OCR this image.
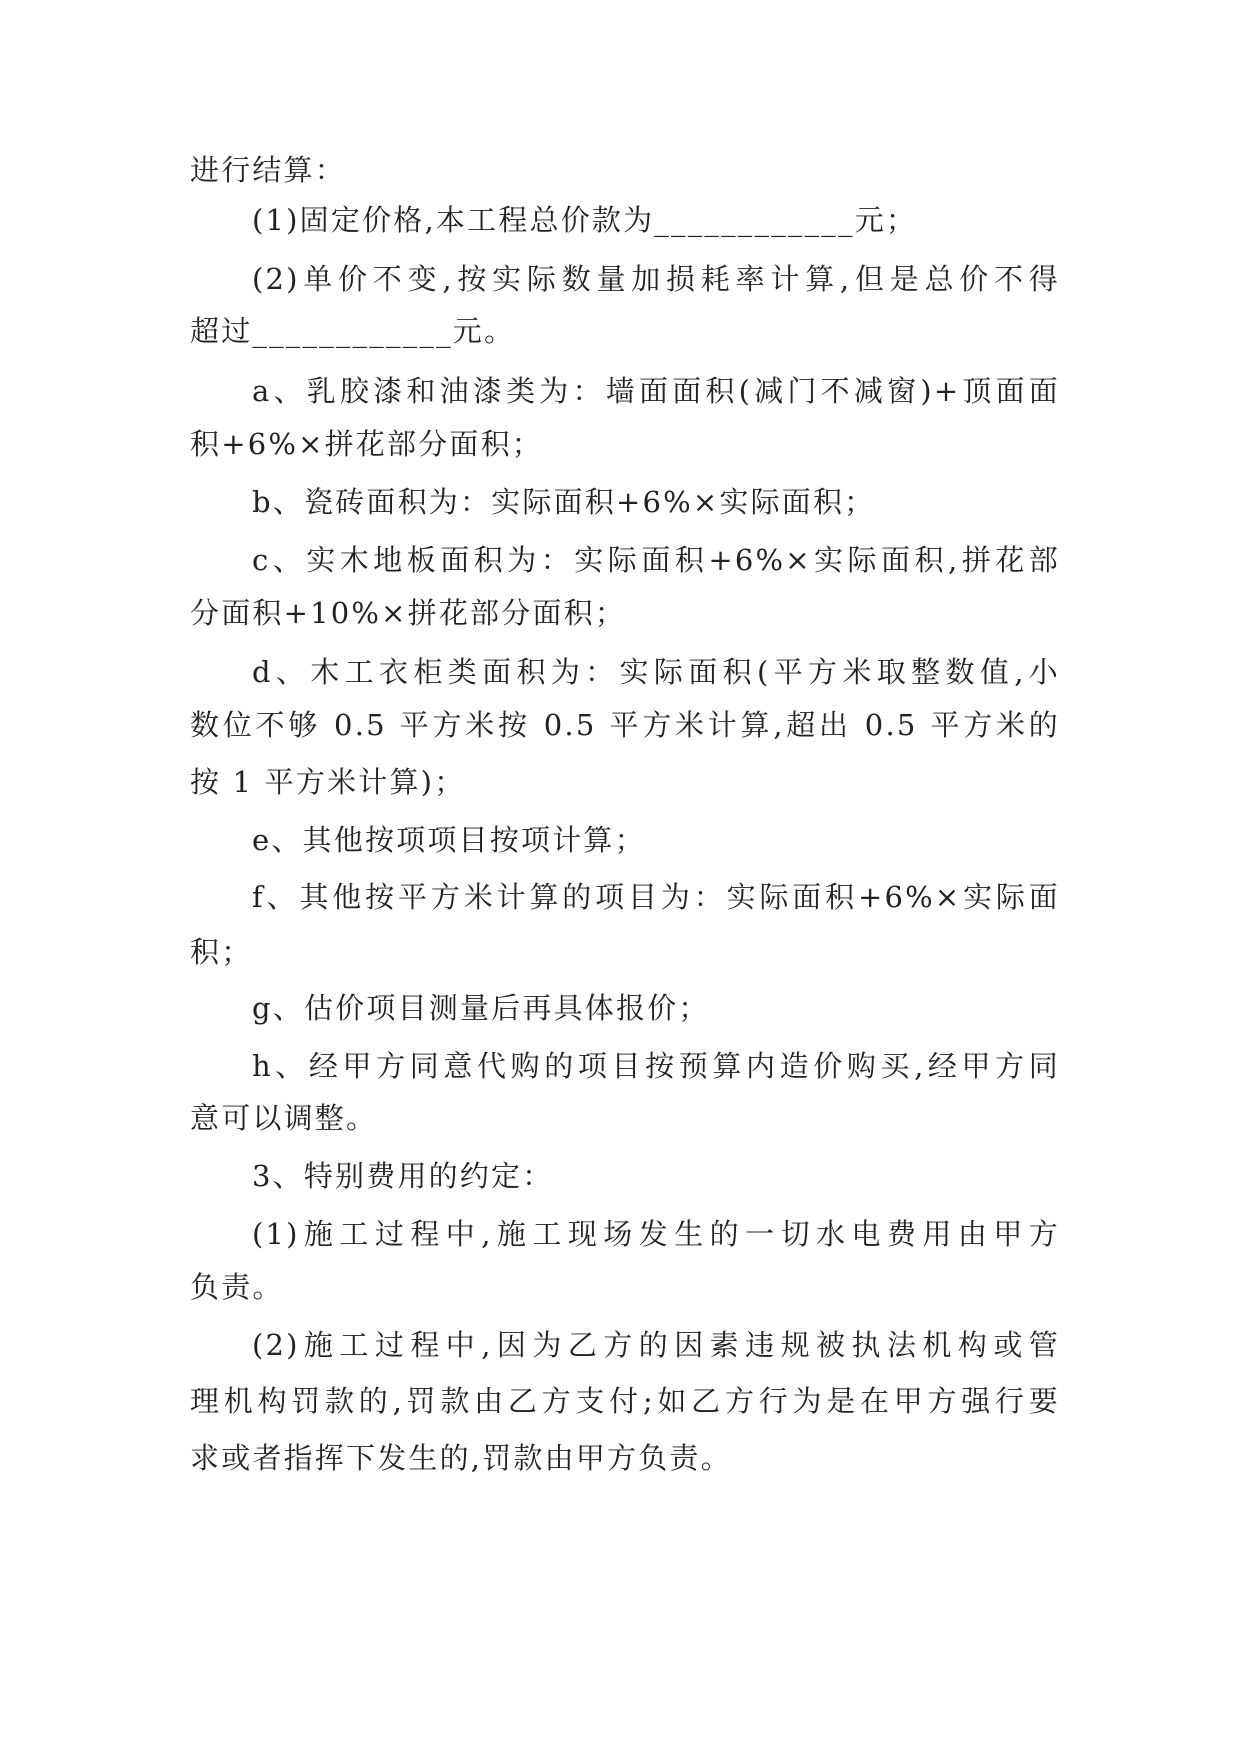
进行结算：
(1)固定价格,本工程总价款为____________元；
(2)单价不变,按实际数量加损耗率计算,但是总价不得
超过____________元。
a、乳胶漆和油漆类为：墙面面积(减门不减窗)+顶面面
积+6%×拼花部分面积；
b、瓷砖面积为：实际面积+6%×实际面积；
c、实木地板面积为：实际面积+6%×实际面积,拼花部
分面积+10%×拼花部分面积；
d、木工衣柜类面积为：实际面积(平方米取整数值,小
数位不够 0.5 平方米按 0.5 平方米计算,超出 0.5 平方米的
按 1 平方米计算)；
e、其他按项项目按项计算；
f、其他按平方米计算的项目为：实际面积+6%×实际面
积；
g、估价项目测量后再具体报价；
h、经甲方同意代购的项目按预算内造价购买,经甲方同
意可以调整。
3、特别费用的约定：
(1)施工过程中,施工现场发生的一切水电费用由甲方
负责。
(2)施工过程中,因为乙方的因素违规被执法机构或管
理机构罚款的,罚款由乙方支付;如乙方行为是在甲方强行要
求或者指挥下发生的,罚款由甲方负责。
